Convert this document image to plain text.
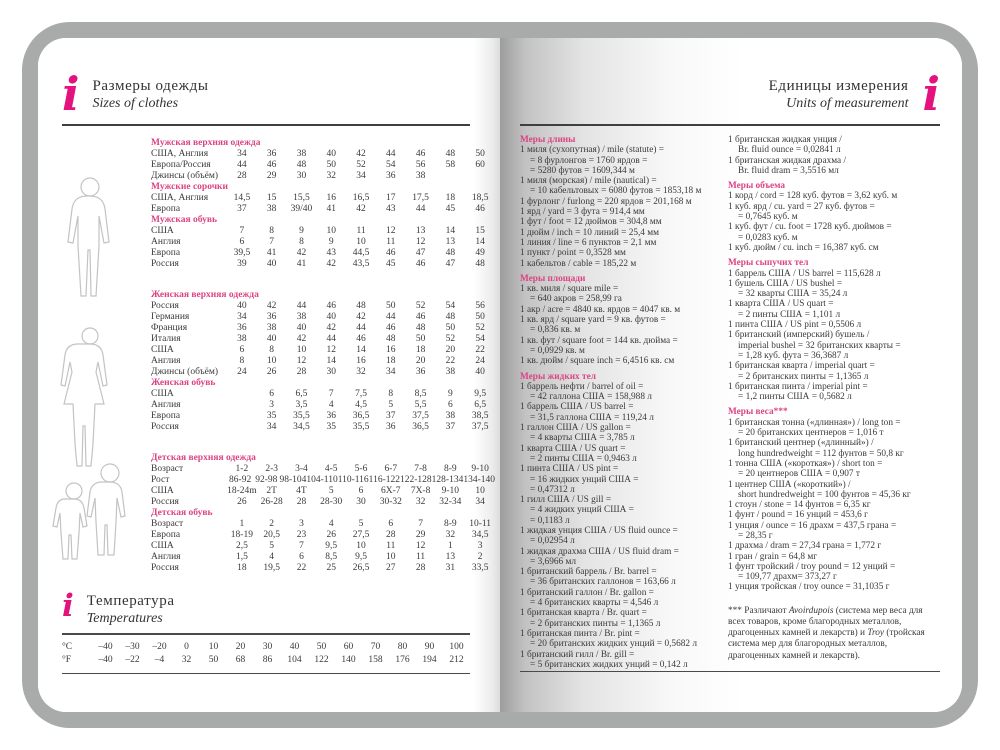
i Размеры одежды
Sizes of clothes
Мужская верхняя одежда
США, Англия	34	36	38	40	42	44	46	48	50
Европа/Россия	44	46	48	50	52	54	56	58	60
Джинсы (объём)	28	29	30	32	34	36	38
Мужские сорочки
США, Англия	14,5	15	15,5	16	16,5	17	17,5	18	18,5
Европа	37	38	39/40	41	42	43	44	45	46
Мужская обувь
США	7	8	9	10	11	12	13	14	15
Англия	6	7	8	9	10	11	12	13	14
Европа	39,5	41	42	43	44,5	46	47	48	49
Россия	39	40	41	42	43,5	45	46	47	48
Женская верхняя одежда
Россия	40	42	44	46	48	50	52	54	56
Германия	34	36	38	40	42	44	46	48	50
Франция	36	38	40	42	44	46	48	50	52
Италия	38	40	42	44	46	48	50	52	54
США	6	8	10	12	14	16	18	20	22
Англия	8	10	12	14	16	18	20	22	24
Джинсы (объём)	24	26	28	30	32	34	36	38	40
Женская обувь
США	6	6,5	7	7,5	8	8,5	9	9,5
Англия	3	3,5	4	4,5	5	5,5	6	6,5
Европа	35	35,5	36	36,5	37	37,5	38	38,5
Россия	34	34,5	35	35,5	36	36,5	37	37,5
Детская верхняя одежда
Возраст	1-2	2-3	3-4	4-5	5-6	6-7	7-8	8-9	9-10
Рост	86-92 92-98 98-104 104-110 110-116 116-122 122-128 128-134 134-140
США	18-24m	2T	4T	5	6	6X-7	7X-8	9-10	10
Россия	26	26-28	28	28-30	30	30-32	32	32-34	34
Детская обувь
Возраст	1	2	3	4	5	6	7	8-9	10-11
Европа	18-19	20,5	23	26	27,5	28	29	32	34,5
США	2,5	5	7	9,5	10	11	12	1	3
Англия	1,5	4	6	8,5	9,5	10	11	13	2
Россия	18	19,5	22	25	26,5	27	28	31	33,5
i Температура
Temperatures
°C	–40	–30	–20	0	10	20	30	40	50	60	70	80	90	100
°F	–40	–22	–4	32	50	68	86	104	122	140	158	176	194	212
Единицы измерения
Units of measurement i
Меры длины
1 миля (сухопутная) / mile (statute) =
= 8 фурлонгов = 1760 ярдов =
= 5280 футов = 1609,344 м
1 миля (морская) / mile (nautical) =
= 10 кабельтовых = 6080 футов = 1853,18 м
1 фурлонг / furlong = 220 ярдов = 201,168 м
1 ярд / yard = 3 фута = 914,4 мм
1 фут / foot = 12 дюймов = 304,8 мм
1 дюйм / inch = 10 линий = 25,4 мм
1 линия / line = 6 пунктов = 2,1 мм
1 пункт / point = 0,3528 мм
1 кабельтов / cable = 185,22 м
Меры площади
1 кв. миля / square mile =
= 640 акров = 258,99 га
1 акр / acre = 4840 кв. ярдов = 4047 кв. м
1 кв. ярд / square yard = 9 кв. футов =
= 0,836 кв. м
1 кв. фут / square foot = 144 кв. дюйма =
= 0,0929 кв. м
1 кв. дюйм / square inch = 6,4516 кв. см
Меры жидких тел
1 баррель нефти / barrel of oil =
= 42 галлона США = 158,988 л
1 баррель США / US barrel =
= 31,5 галлона США = 119,24 л
1 галлон США / US gallon =
= 4 кварты США = 3,785 л
1 кварта США / US quart =
= 2 пинты США = 0,9463 л
1 пинта США / US pint =
= 16 жидких унций США =
= 0,47312 л
1 гилл США / US gill =
= 4 жидких унций США =
= 0,1183 л
1 жидкая унция США / US fluid ounce =
= 0,02954 л
1 жидкая драхма США / US fluid dram =
= 3,6966 мл
1 британский баррель / Br. barrel =
= 36 британских галлонов = 163,66 л
1 британский галлон / Br. gallon =
= 4 британских кварты = 4,546 л
1 британская кварта / Br. quart =
= 2 британских пинты = 1,1365 л
1 британская пинта / Br. pint =
= 20 британских жидких унций = 0,5682 л
1 британский гилл / Br. gill =
= 5 британских жидких унций = 0,142 л
1 британская жидкая унция /
Br. fluid ounce = 0,02841 л
1 британская жидкая драхма /
Br. fluid dram = 3,5516 мл
Меры объема
1 корд / cord = 128 куб. футов = 3,62 куб. м
1 куб. ярд / cu. yard = 27 куб. футов =
= 0,7645 куб. м
1 куб. фут / cu. foot = 1728 куб. дюймов =
= 0,0283 куб. м
1 куб. дюйм / cu. inch = 16,387 куб. см
Меры сыпучих тел
1 баррель США / US barrel = 115,628 л
1 бушель США / US bushel =
= 32 кварты США = 35,24 л
1 кварта США / US quart =
= 2 пинты США = 1,101 л
1 пинта США / US pint = 0,5506 л
1 британский (имперский) бушель /
imperial bushel = 32 британских кварты =
= 1,28 куб. фута = 36,3687 л
1 британская кварта / imperial quart =
= 2 британских пинты = 1,1365 л
1 британская пинта / imperial pint =
= 1,2 пинты США = 0,5682 л
Меры веса***
1 британская тонна («длинная») / long ton =
= 20 британских центнеров = 1,016 т
1 британский центнер («длинный») /
long hundredweight = 112 фунтов = 50,8 кг
1 тонна США («короткая») / short ton =
= 20 центнеров США = 0,907 т
1 центнер США («короткий») /
short hundredweight = 100 фунтов = 45,36 кг
1 стоун / stone = 14 фунтов = 6,35 кг
1 фунт / pound = 16 унций = 453,6 г
1 унция / ounce = 16 драхм = 437,5 грана =
= 28,35 г
1 драхма / dram = 27,34 грана = 1,772 г
1 гран / grain = 64,8 мг
1 фунт тройский / troy pound = 12 унций =
= 109,77 драхм= 373,27 г
1 унция тройская / troy ounce = 31,1035 г
*** Различают Avoirdupois (система мер веса для всех товаров, кроме благородных металлов, драгоценных камней и лекарств) и Troy (тройская система мер для благородных металлов, драгоценных камней и лекарств).
